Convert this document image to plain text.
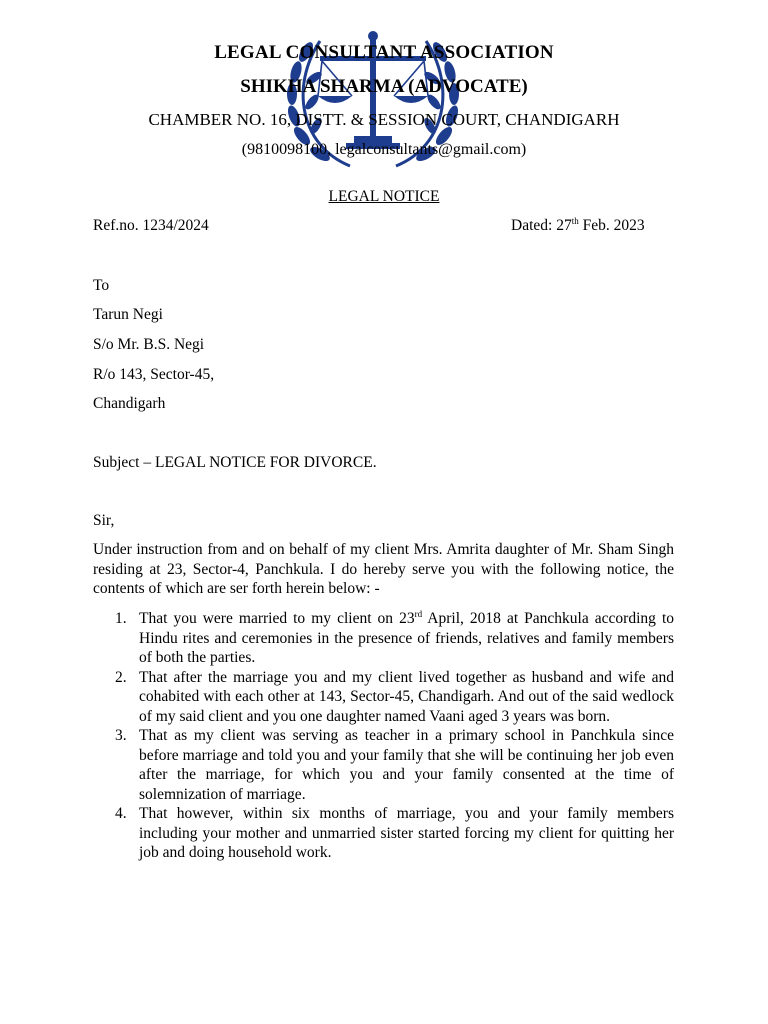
LEGAL CONSULTANT ASSOCIATION
SHIKHA SHARMA (ADVOCATE)
CHAMBER NO. 16, DISTT. & SESSION COURT, CHANDIGARH
(9810098100, legalconsultants@gmail.com)
LEGAL NOTICE
Ref.no. 1234/2024	Dated: 27th Feb. 2023
To
Tarun Negi
S/o Mr. B.S. Negi
R/o 143, Sector-45,
Chandigarh
Subject – LEGAL NOTICE FOR DIVORCE.
Sir,
Under instruction from and on behalf of my client Mrs. Amrita daughter of Mr. Sham Singh residing at 23, Sector-4, Panchkula. I do hereby serve you with the following notice, the contents of which are ser forth herein below: -
1. That you were married to my client on 23rd April, 2018 at Panchkula according to Hindu rites and ceremonies in the presence of friends, relatives and family members of both the parties.
2. That after the marriage you and my client lived together as husband and wife and cohabited with each other at 143, Sector-45, Chandigarh. And out of the said wedlock of my said client and you one daughter named Vaani aged 3 years was born.
3. That as my client was serving as teacher in a primary school in Panchkula since before marriage and told you and your family that she will be continuing her job even after the marriage, for which you and your family consented at the time of solemnization of marriage.
4. That however, within six months of marriage, you and your family members including your mother and unmarried sister started forcing my client for quitting her job and doing household work.
